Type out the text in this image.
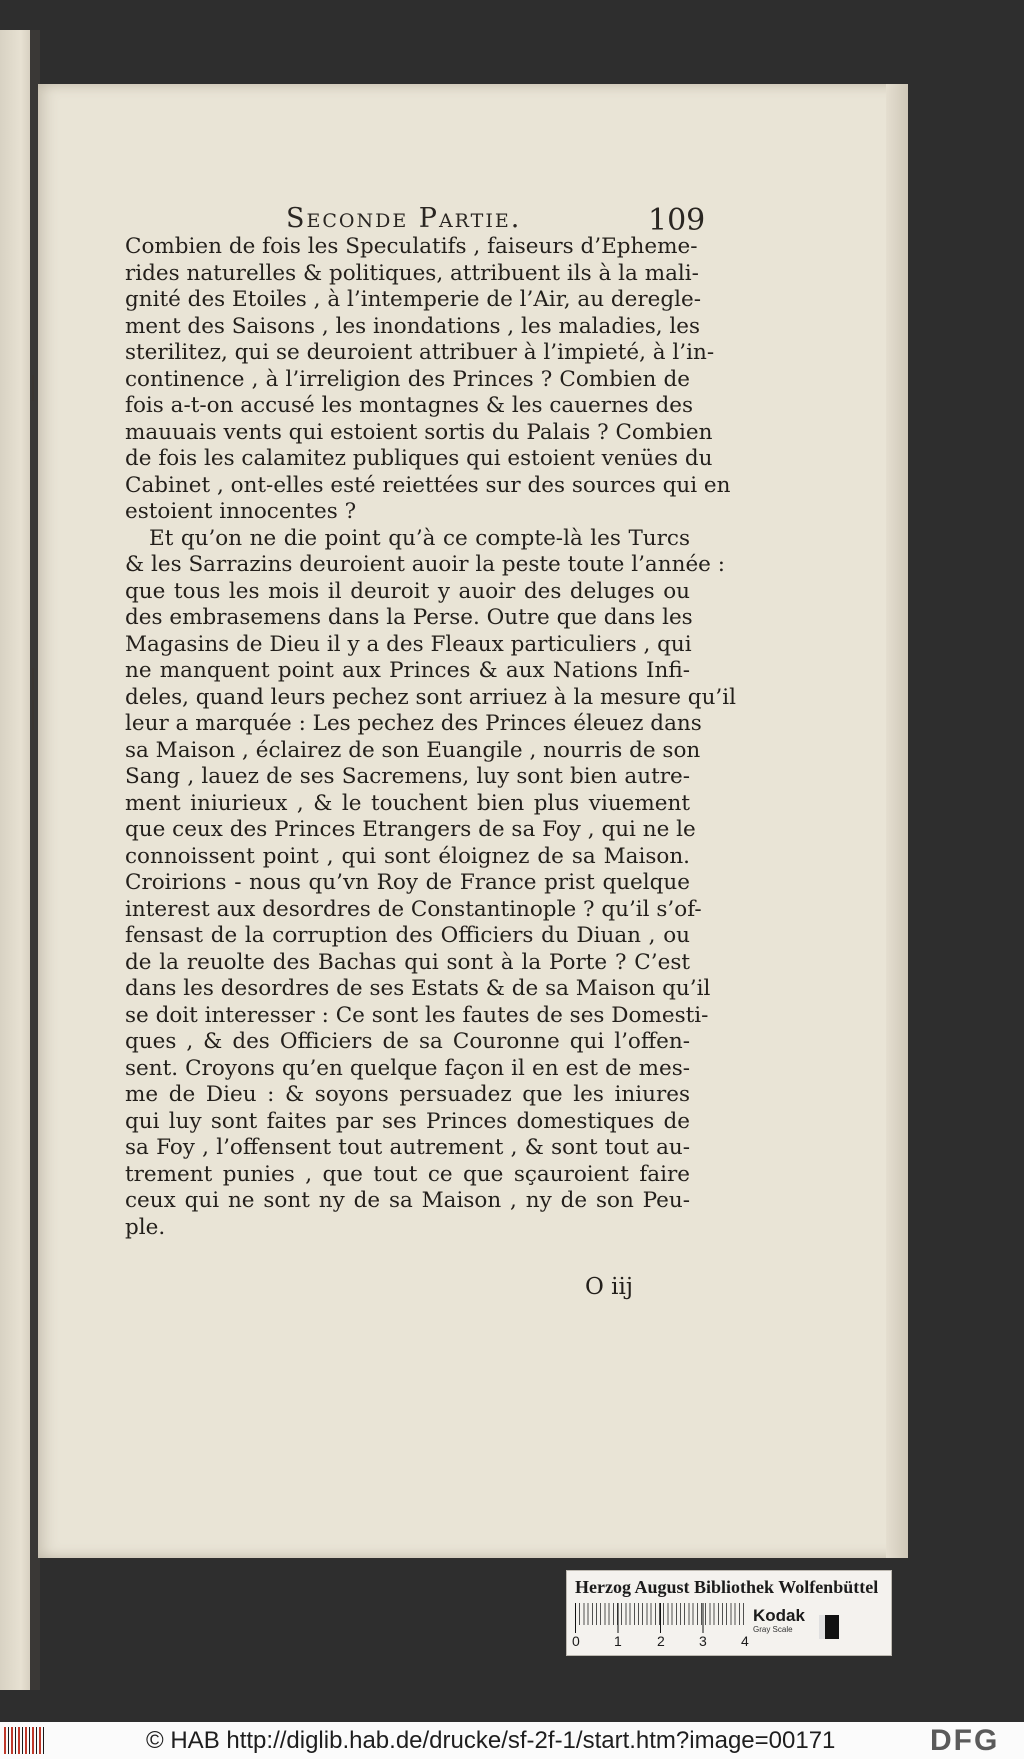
Seconde Partie.	109
Combien de fois les Speculatifs , faiseurs d’Epheme-
rides naturelles & politiques, attribuent ils à la mali-
gnité des Etoiles , à l’intemperie de l’Air, au deregle-
ment des Saisons , les inondations , les maladies, les
sterilitez, qui se deuroient attribuer à l’impieté, à l’in-
continence , à l’irreligion des Princes ? Combien de
fois a-t-on accusé les montagnes & les cauernes des
mauuais vents qui estoient sortis du Palais ? Combien
de fois les calamitez publiques qui estoient venües du
Cabinet , ont-elles esté reiettées sur des sources qui en
estoient innocentes ?
Et qu’on ne die point qu’à ce compte-là les Turcs
& les Sarrazins deuroient auoir la peste toute l’année :
que tous les mois il deuroit y auoir des deluges ou
des embrasemens dans la Perse. Outre que dans les
Magasins de Dieu il y a des Fleaux particuliers , qui
ne manquent point aux Princes & aux Nations Infi-
deles, quand leurs pechez sont arriuez à la mesure qu’il
leur a marquée : Les pechez des Princes éleuez dans
sa Maison , éclairez de son Euangile , nourris de son
Sang , lauez de ses Sacremens, luy sont bien autre-
ment iniurieux , & le touchent bien plus viuement
que ceux des Princes Etrangers de sa Foy , qui ne le
connoissent point , qui sont éloignez de sa Maison.
Croirions - nous qu’vn Roy de France prist quelque
interest aux desordres de Constantinople ? qu’il s’of-
fensast de la corruption des Officiers du Diuan , ou
de la reuolte des Bachas qui sont à la Porte ? C’est
dans les desordres de ses Estats & de sa Maison qu’il
se doit interesser : Ce sont les fautes de ses Domesti-
ques , & des Officiers de sa Couronne qui l’offen-
sent. Croyons qu’en quelque façon il en est de mes-
me de Dieu : & soyons persuadez que les iniures
qui luy sont faites par ses Princes domestiques de
sa Foy , l’offensent tout autrement , & sont tout au-
trement punies , que tout ce que sçauroient faire
ceux qui ne sont ny de sa Maison , ny de son Peu-
ple.
O iij
Herzog August Bibliothek Wolfenbüttel
0 1	2 3 4
Kodak
Gray Scale
© HAB http://diglib.hab.de/drucke/sf-2f-1/start.htm?image=00171	DFG
